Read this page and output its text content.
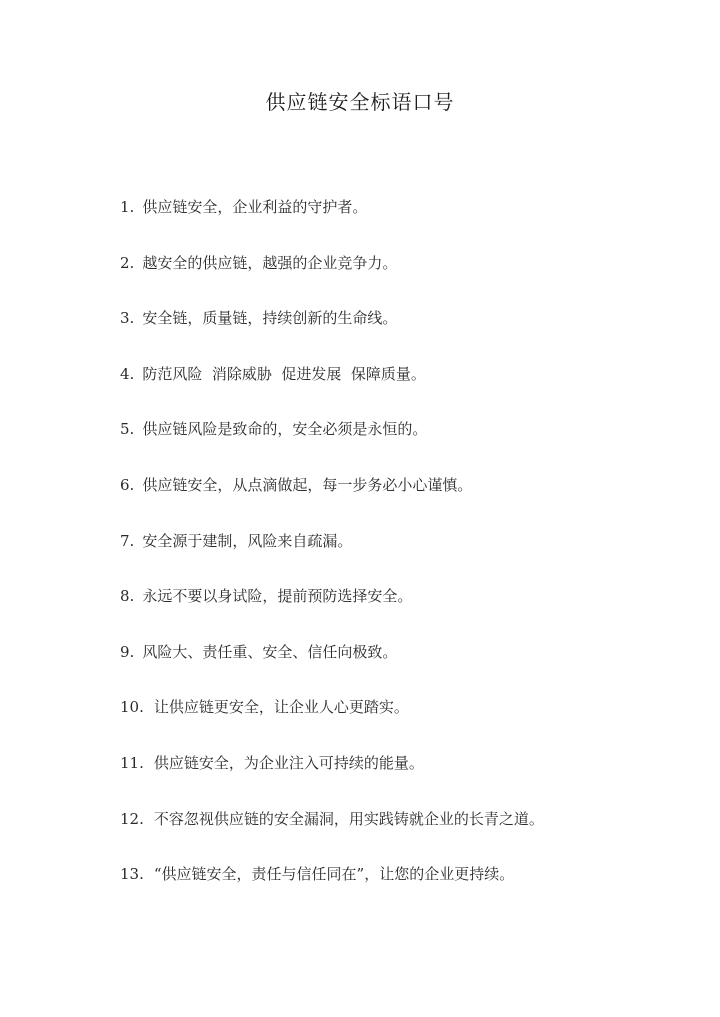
供应链安全标语口号
1. 供应链安全，企业利益的守护者。
2. 越安全的供应链，越强的企业竞争力。
3. 安全链，质量链，持续创新的生命线。
4. 防范风险  消除威胁  促进发展  保障质量。
5. 供应链风险是致命的，安全必须是永恒的。
6. 供应链安全，从点滴做起，每一步务必小心谨慎。
7. 安全源于建制，风险来自疏漏。
8. 永远不要以身试险，提前预防选择安全。
9. 风险大、责任重、安全、信任向极致。
10. 让供应链更安全，让企业人心更踏实。
11. 供应链安全，为企业注入可持续的能量。
12. 不容忽视供应链的安全漏洞，用实践铸就企业的长青之道。
13. “供应链安全，责任与信任同在”，让您的企业更持续。
